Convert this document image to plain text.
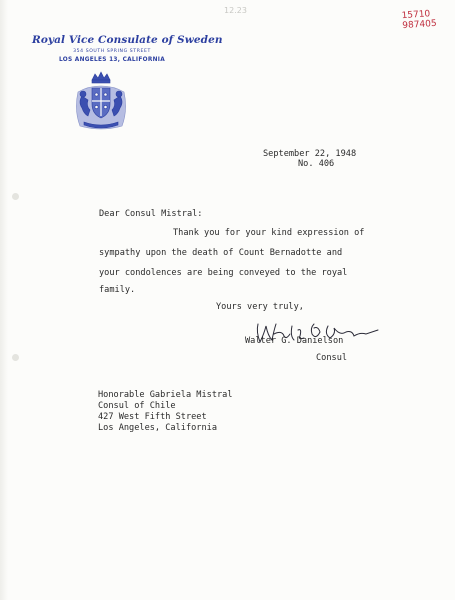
12.23	15710
987405
Royal Vice Consulate of Sweden
354 SOUTH SPRING STREET
LOS ANGELES 13, CALIFORNIA
September 22, 1948
No. 406
Dear Consul Mistral:
Thank you for your kind expression of
sympathy upon the death of Count Bernadotte and
your condolences are being conveyed to the royal
family.
Yours very truly,
Walter G. Danielson
Consul
Honorable Gabriela Mistral
Consul of Chile
427 West Fifth Street
Los Angeles, California
